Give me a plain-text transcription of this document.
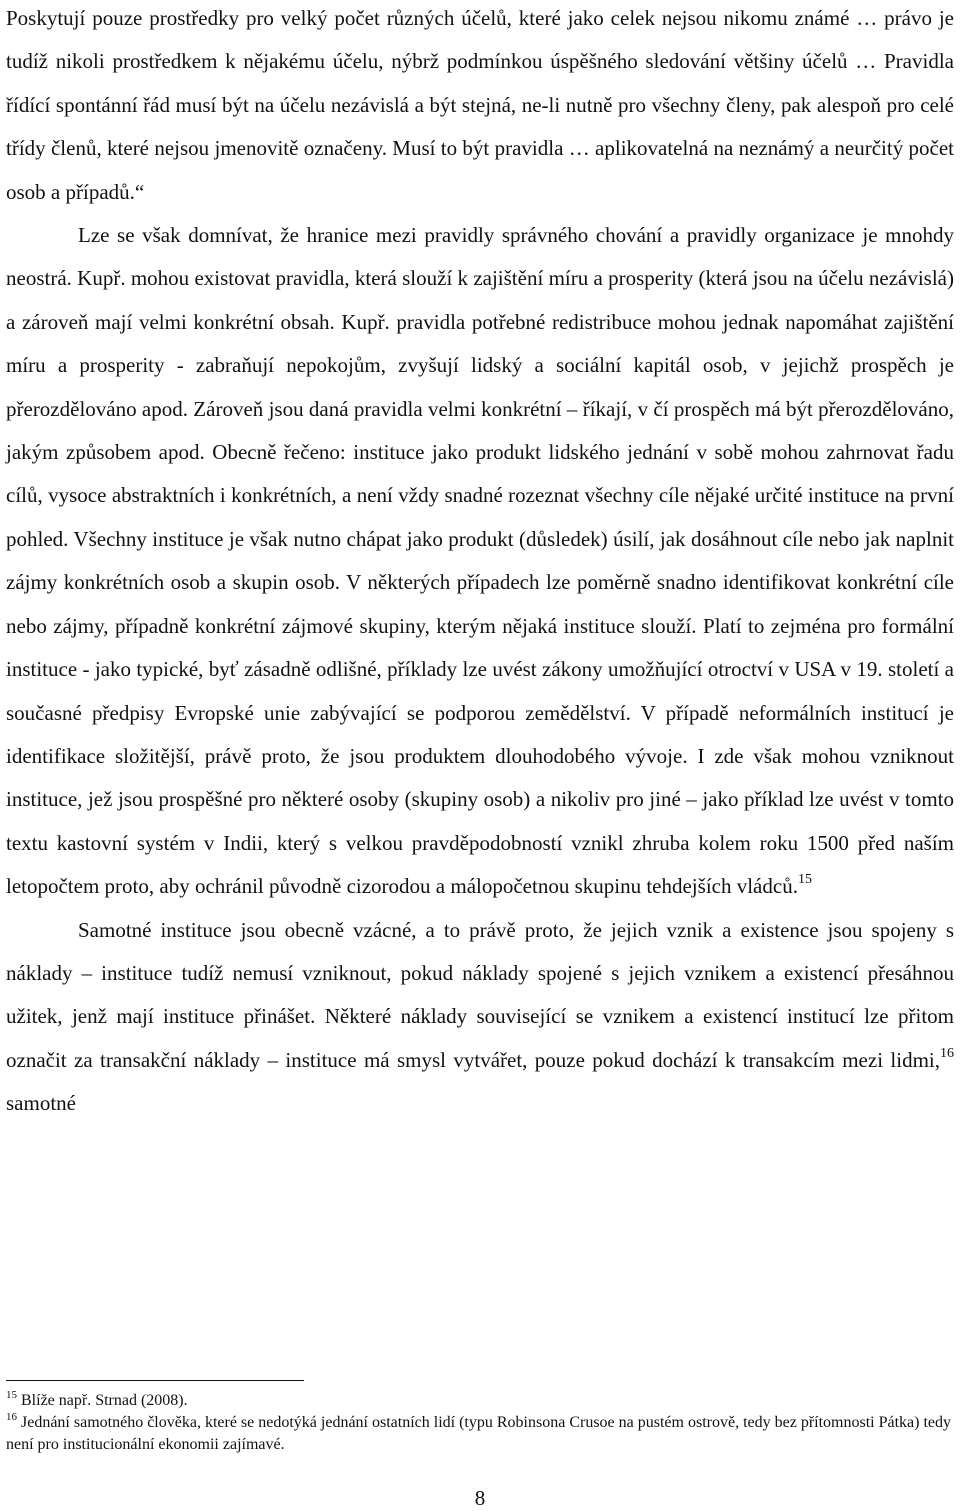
Poskytují pouze prostředky pro velký počet různých účelů, které jako celek nejsou nikomu známé … právo je tudíž nikoli prostředkem k nějakému účelu, nýbrž podmínkou úspěšného sledování většiny účelů … Pravidla řídící spontánní řád musí být na účelu nezávislá a být stejná, ne-li nutně pro všechny členy, pak alespoň pro celé třídy členů, které nejsou jmenovitě označeny. Musí to být pravidla … aplikovatelná na neznámý a neurčitý počet osob a případů.“

Lze se však domnívat, že hranice mezi pravidly správného chování a pravidly organizace je mnohdy neostrá. Kupř. mohou existovat pravidla, která slouží k zajištění míru a prosperity (která jsou na účelu nezávislá) a zároveň mají velmi konkrétní obsah. Kupř. pravidla potřebné redistribuce mohou jednak napomáhat zajištění míru a prosperity - zabraňují nepokojům, zvyšují lidský a sociální kapitál osob, v jejichž prospěch je přerozdělováno apod. Zároveň jsou daná pravidla velmi konkrétní – říkají, v čí prospěch má být přerozdělováno, jakým způsobem apod. Obecně řečeno: instituce jako produkt lidského jednání v sobě mohou zahrnovat řadu cílů, vysoce abstraktních i konkrétních, a není vždy snadné rozeznat všechny cíle nějaké určité instituce na první pohled. Všechny instituce je však nutno chápat jako produkt (důsledek) úsilí, jak dosáhnout cíle nebo jak naplnit zájmy konkrétních osob a skupin osob. V některých případech lze poměrně snadno identifikovat konkrétní cíle nebo zájmy, případně konkrétní zájmové skupiny, kterým nějaká instituce slouží. Platí to zejména pro formální instituce - jako typické, byť zásadně odlišné, příklady lze uvést zákony umožňující otroctví v USA v 19. století a současné předpisy Evropské unie zabývající se podporou zemědělství. V případě neformálních institucí je identifikace složitější, právě proto, že jsou produktem dlouhodobého vývoje. I zde však mohou vzniknout instituce, jež jsou prospěšné pro některé osoby (skupiny osob) a nikoliv pro jiné – jako příklad lze uvést v tomto textu kastovní systém v Indii, který s velkou pravděpodobností vznikl zhruba kolem roku 1500 před naším letopočtem proto, aby ochránil původně cizorodou a málopočetnou skupinu tehdejších vládců.$^{15}$

Samotné instituce jsou obecně vzácné, a to právě proto, že jejich vznik a existence jsou spojeny s náklady – instituce tudíž nemusí vzniknout, pokud náklady spojené s jejich vznikem a existencí přesáhnou užitek, jenž mají instituce přinášet. Některé náklady související se vznikem a existencí institucí lze přitom označit za transakční náklady – instituce má smysl vytvářet, pouze pokud dochází k transakcím mezi lidmi,$^{16}$ samotné

$^{15}$ Blíže např. Strnad (2008).

$^{16}$ Jednání samotného člověka, které se nedotýká jednání ostatních lidí (typu Robinsona Crusoe na pustém ostrově, tedy bez přítomnosti Pátka) tedy není pro institucionální ekonomii zajímavé.

8
